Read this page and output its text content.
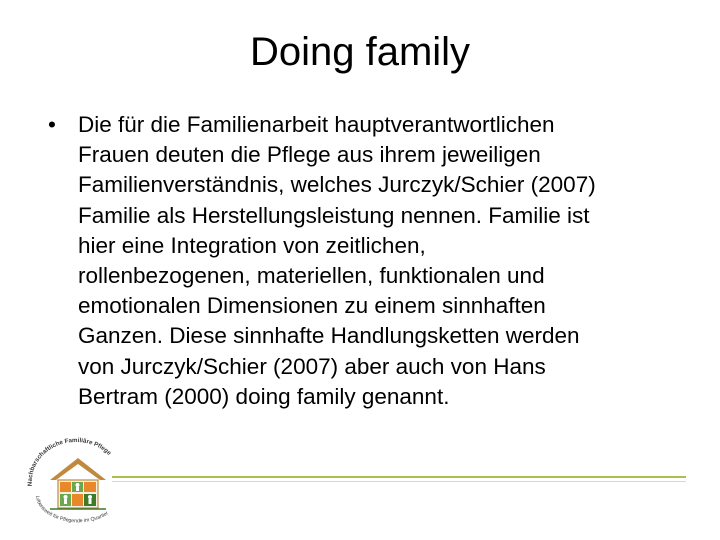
Doing family
• Die für die Familienarbeit hauptverantwortlichen
Frauen deuten die Pflege aus ihrem jeweiligen
Familienverständnis, welches Jurczyk/Schier (2007)
Familie als Herstellungsleistung nennen. Familie ist
hier eine Integration von zeitlichen,
rollenbezogenen, materiellen, funktionalen und
emotionalen Dimensionen zu einem sinnhaften
Ganzen. Diese sinnhafte Handlungsketten werden
von Jurczyk/Schier (2007) aber auch von Hans
Bertram (2000) doing family genannt.
Nachbarschaftliche Familiäre Pflege
Lebenswelt für Pflegende im Quartier
